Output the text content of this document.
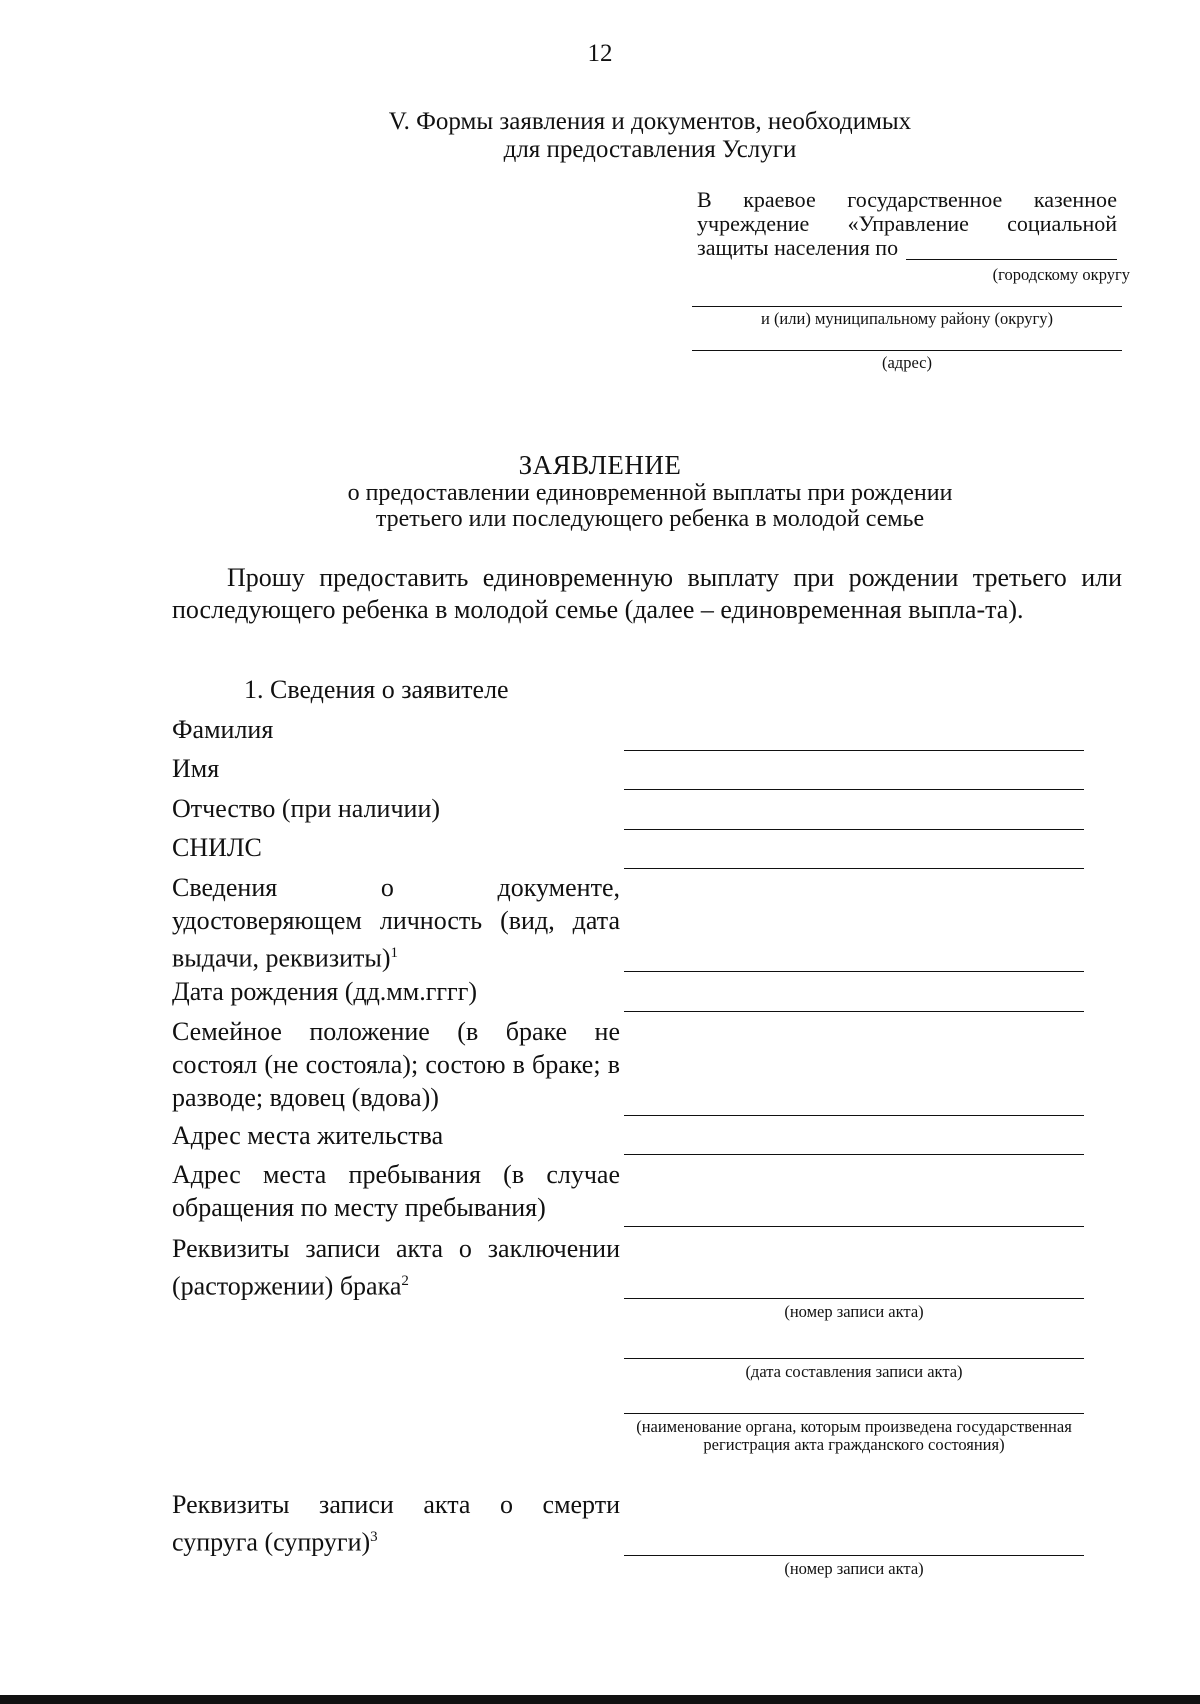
12
V. Формы заявления и документов, необходимых
для предоставления Услуги
В краевое государственное казенное
учреждение «Управление социальной
защиты населения по
(городскому округу
и (или) муниципальному району (округу)
(адрес)
ЗАЯВЛЕНИЕ
о предоставлении единовременной выплаты при рождении
третьего или последующего ребенка в молодой семье
Прошу предоставить единовременную выплату при рождении третьего или последующего ребенка в молодой семье (далее – единовременная выпла-та).
1. Сведения о заявителе
Фамилия
Имя
Отчество (при наличии)
СНИЛС
Сведения о документе, удостоверяющем личность (вид, дата выдачи, реквизиты)$^1$
Дата рождения (дд.мм.гггг)
Семейное положение (в браке не состоял (не состояла); состою в браке; в разводе; вдовец (вдова))
Адрес места жительства
Адрес места пребывания (в случае обращения по месту пребывания)
Реквизиты записи акта о заключении (расторжении) брака$^2$
(номер записи акта)
(дата составления записи акта)
(наименование органа, которым произведена государственная регистрация акта гражданского состояния)
Реквизиты записи акта о смерти супруга (супруги)$^3$
(номер записи акта)
